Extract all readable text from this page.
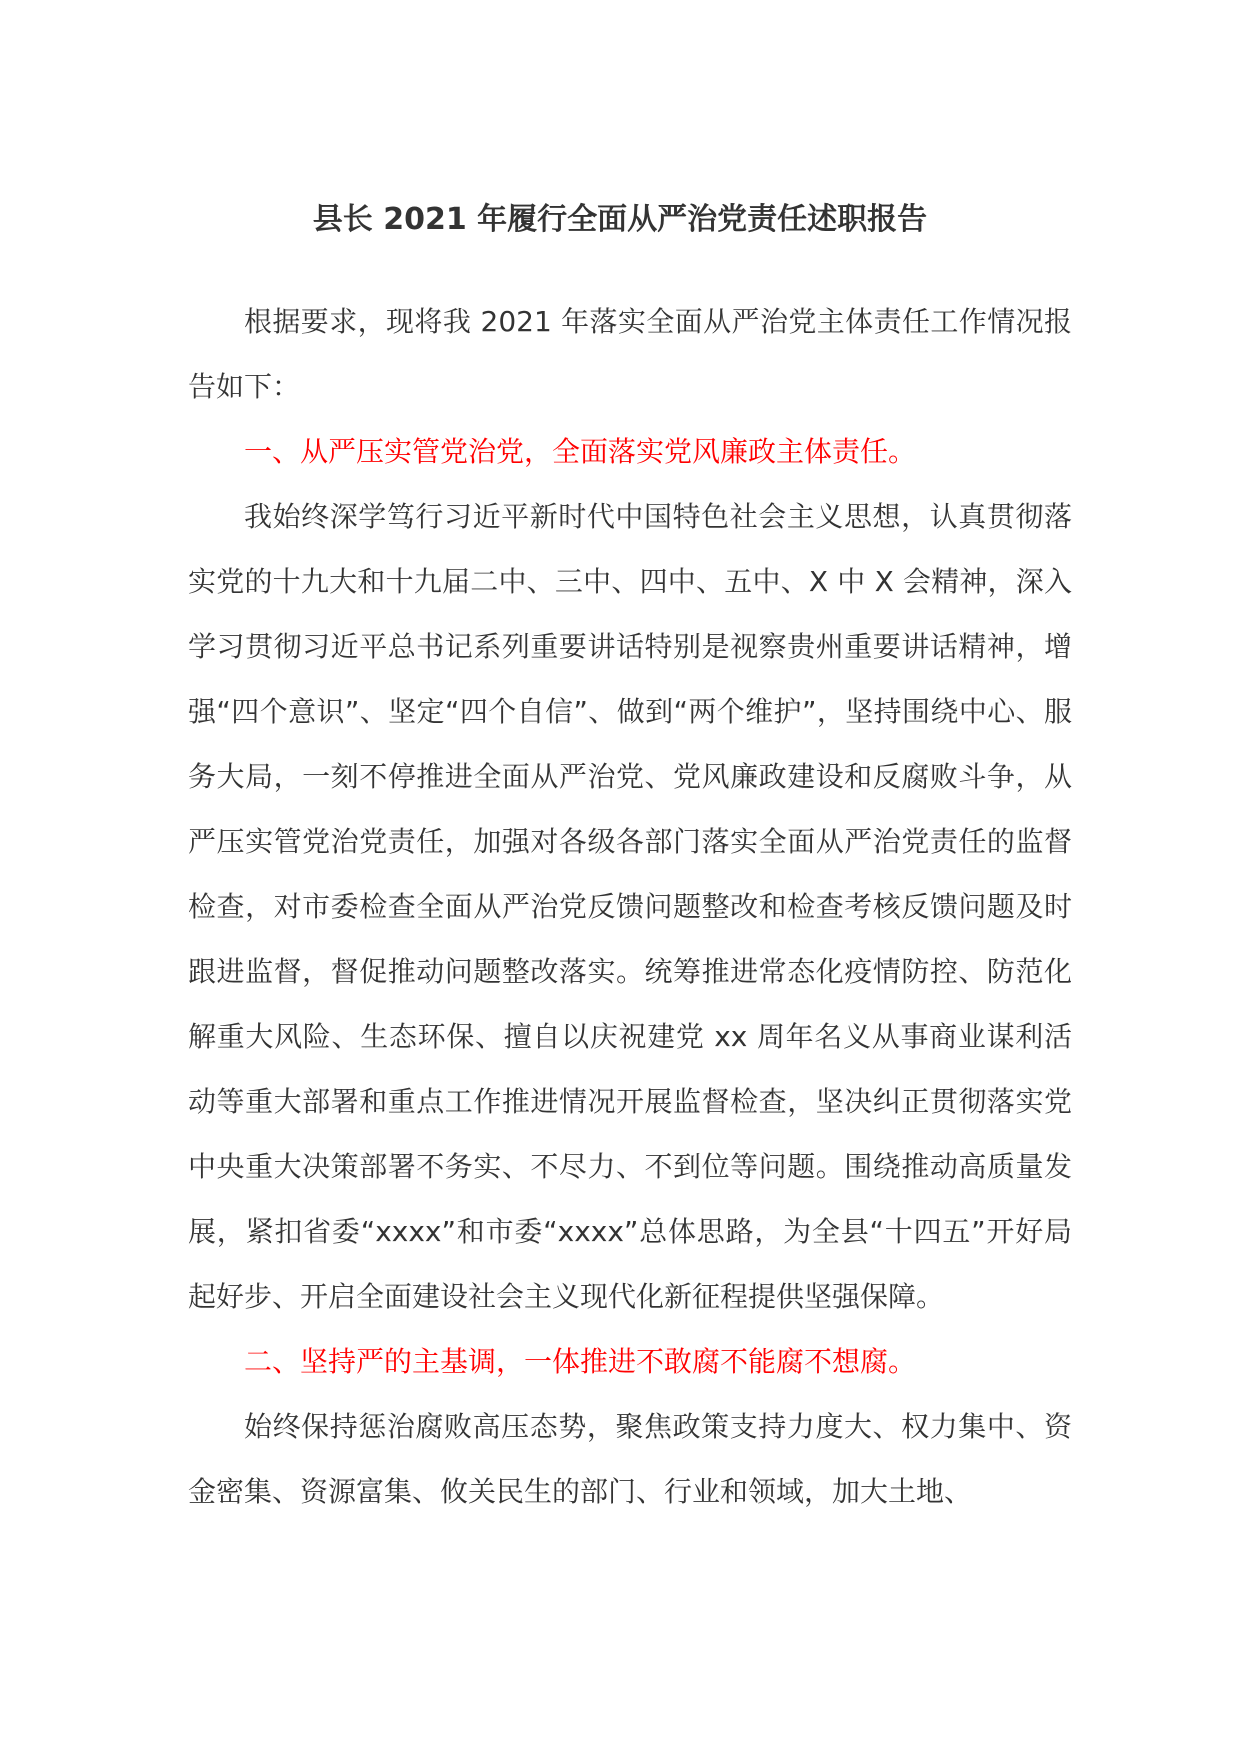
县长 2021 年履行全面从严治党责任述职报告

根据要求，现将我 2021 年落实全面从严治党主体责任工作情况报告如下：

一、从严压实管党治党，全面落实党风廉政主体责任。

我始终深学笃行习近平新时代中国特色社会主义思想，认真贯彻落实党的十九大和十九届二中、三中、四中、五中、X 中 X 会精神，深入学习贯彻习近平总书记系列重要讲话特别是视察贵州重要讲话精神，增强“四个意识”、坚定“四个自信”、做到“两个维护”，坚持围绕中心、服务大局，一刻不停推进全面从严治党、党风廉政建设和反腐败斗争，从严压实管党治党责任，加强对各级各部门落实全面从严治党责任的监督检查，对市委检查全面从严治党反馈问题整改和检查考核反馈问题及时跟进监督，督促推动问题整改落实。统筹推进常态化疫情防控、防范化解重大风险、生态环保、擅自以庆祝建党 xx 周年名义从事商业谋利活动等重大部署和重点工作推进情况开展监督检查，坚决纠正贯彻落实党中央重大决策部署不务实、不尽力、不到位等问题。围绕推动高质量发展，紧扣省委“xxxx”和市委“xxxx”总体思路，为全县“十四五”开好局起好步、开启全面建设社会主义现代化新征程提供坚强保障。

二、坚持严的主基调，一体推进不敢腐不能腐不想腐。

始终保持惩治腐败高压态势，聚焦政策支持力度大、权力集中、资金密集、资源富集、攸关民生的部门、行业和领域，加大土地、
